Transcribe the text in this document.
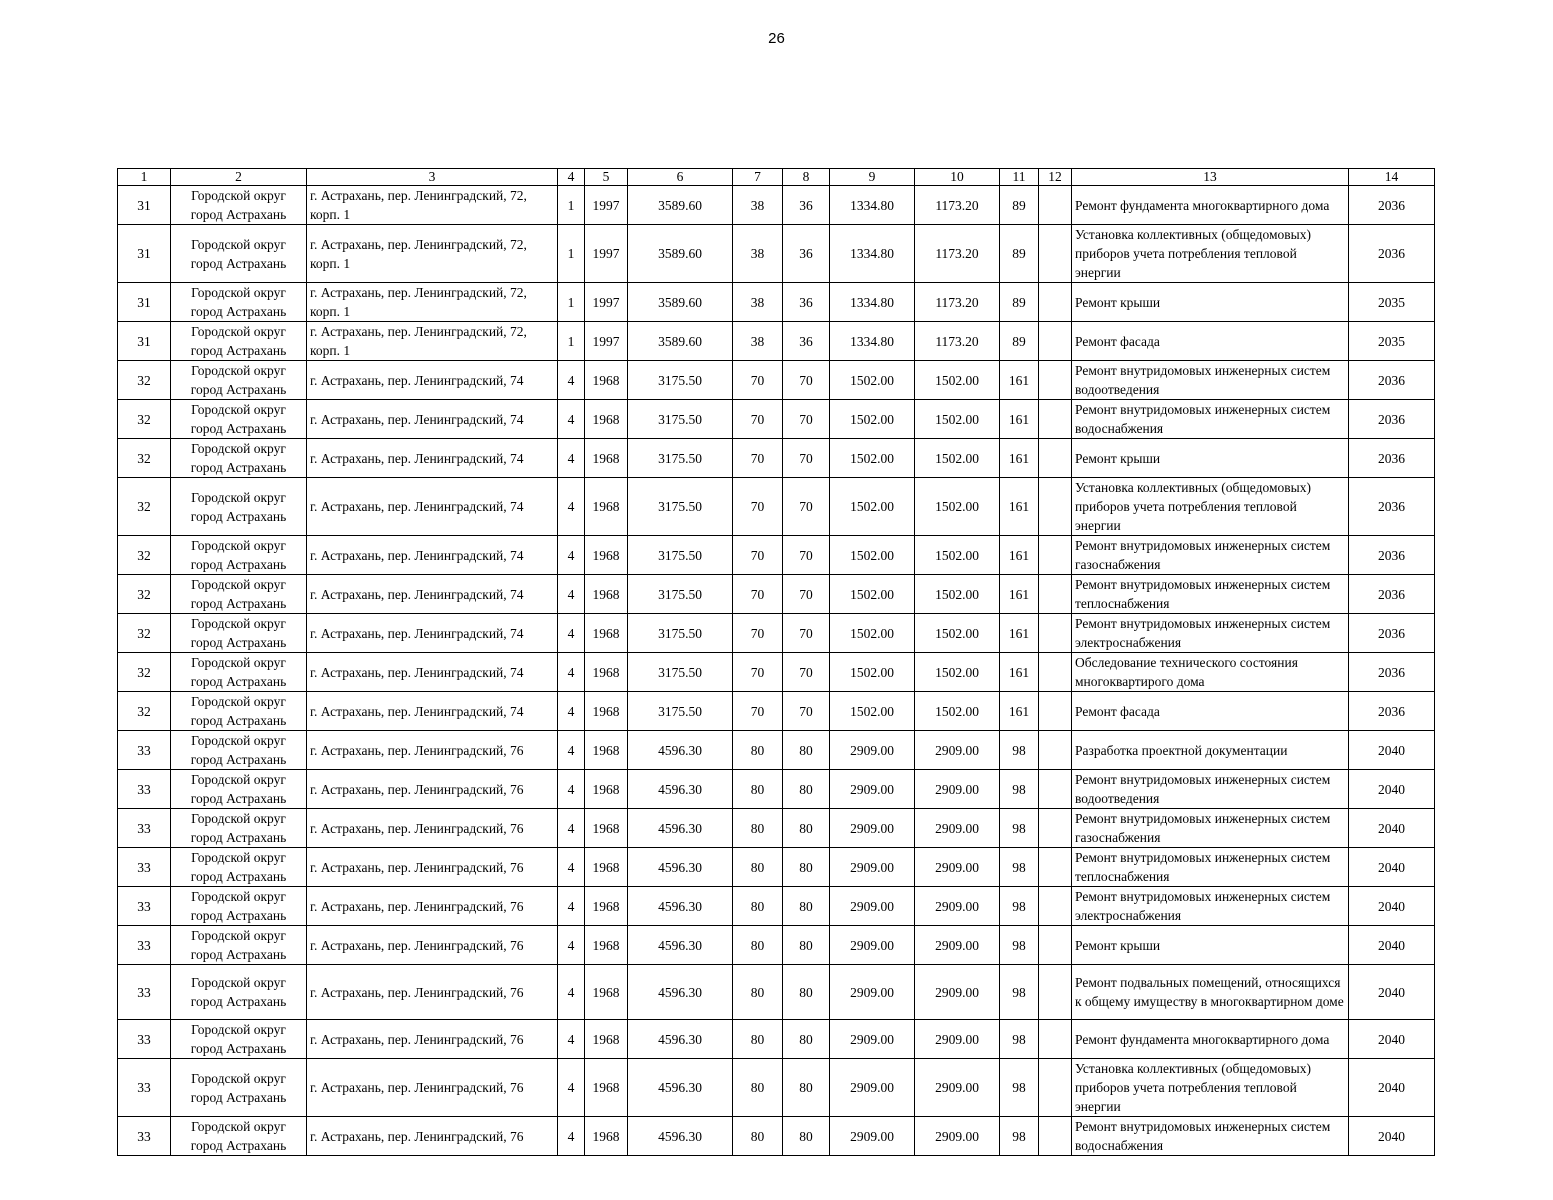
26
1	2	3	4	5	6	7	8	9	10	11	12	13	14
31	Городской округ город Астрахань	г. Астрахань, пер. Ленинградский, 72, корп. 1	1	1997	3589.60	38	36	1334.80	1173.20	89		Ремонт фундамента многоквартирного дома	2036
31	Городской округ город Астрахань	г. Астрахань, пер. Ленинградский, 72, корп. 1	1	1997	3589.60	38	36	1334.80	1173.20	89		Установка коллективных (общедомовых) приборов учета потребления тепловой энергии	2036
31	Городской округ город Астрахань	г. Астрахань, пер. Ленинградский, 72, корп. 1	1	1997	3589.60	38	36	1334.80	1173.20	89		Ремонт крыши	2035
31	Городской округ город Астрахань	г. Астрахань, пер. Ленинградский, 72, корп. 1	1	1997	3589.60	38	36	1334.80	1173.20	89		Ремонт фасада	2035
32	Городской округ город Астрахань	г. Астрахань, пер. Ленинградский, 74	4	1968	3175.50	70	70	1502.00	1502.00	161		Ремонт внутридомовых инженерных систем водоотведения	2036
32	Городской округ город Астрахань	г. Астрахань, пер. Ленинградский, 74	4	1968	3175.50	70	70	1502.00	1502.00	161		Ремонт внутридомовых инженерных систем водоснабжения	2036
32	Городской округ город Астрахань	г. Астрахань, пер. Ленинградский, 74	4	1968	3175.50	70	70	1502.00	1502.00	161		Ремонт крыши	2036
32	Городской округ город Астрахань	г. Астрахань, пер. Ленинградский, 74	4	1968	3175.50	70	70	1502.00	1502.00	161		Установка коллективных (общедомовых) приборов учета потребления тепловой энергии	2036
32	Городской округ город Астрахань	г. Астрахань, пер. Ленинградский, 74	4	1968	3175.50	70	70	1502.00	1502.00	161		Ремонт внутридомовых инженерных систем газоснабжения	2036
32	Городской округ город Астрахань	г. Астрахань, пер. Ленинградский, 74	4	1968	3175.50	70	70	1502.00	1502.00	161		Ремонт внутридомовых инженерных систем теплоснабжения	2036
32	Городской округ город Астрахань	г. Астрахань, пер. Ленинградский, 74	4	1968	3175.50	70	70	1502.00	1502.00	161		Ремонт внутридомовых инженерных систем электроснабжения	2036
32	Городской округ город Астрахань	г. Астрахань, пер. Ленинградский, 74	4	1968	3175.50	70	70	1502.00	1502.00	161		Обследование технического состояния многоквартирого дома	2036
32	Городской округ город Астрахань	г. Астрахань, пер. Ленинградский, 74	4	1968	3175.50	70	70	1502.00	1502.00	161		Ремонт фасада	2036
33	Городской округ город Астрахань	г. Астрахань, пер. Ленинградский, 76	4	1968	4596.30	80	80	2909.00	2909.00	98		Разработка проектной документации	2040
33	Городской округ город Астрахань	г. Астрахань, пер. Ленинградский, 76	4	1968	4596.30	80	80	2909.00	2909.00	98		Ремонт внутридомовых инженерных систем водоотведения	2040
33	Городской округ город Астрахань	г. Астрахань, пер. Ленинградский, 76	4	1968	4596.30	80	80	2909.00	2909.00	98		Ремонт внутридомовых инженерных систем газоснабжения	2040
33	Городской округ город Астрахань	г. Астрахань, пер. Ленинградский, 76	4	1968	4596.30	80	80	2909.00	2909.00	98		Ремонт внутридомовых инженерных систем теплоснабжения	2040
33	Городской округ город Астрахань	г. Астрахань, пер. Ленинградский, 76	4	1968	4596.30	80	80	2909.00	2909.00	98		Ремонт внутридомовых инженерных систем электроснабжения	2040
33	Городской округ город Астрахань	г. Астрахань, пер. Ленинградский, 76	4	1968	4596.30	80	80	2909.00	2909.00	98		Ремонт крыши	2040
33	Городской округ город Астрахань	г. Астрахань, пер. Ленинградский, 76	4	1968	4596.30	80	80	2909.00	2909.00	98		Ремонт подвальных помещений, относящихся к общему имуществу в многоквартирном доме	2040
33	Городской округ город Астрахань	г. Астрахань, пер. Ленинградский, 76	4	1968	4596.30	80	80	2909.00	2909.00	98		Ремонт фундамента многоквартирного дома	2040
33	Городской округ город Астрахань	г. Астрахань, пер. Ленинградский, 76	4	1968	4596.30	80	80	2909.00	2909.00	98		Установка коллективных (общедомовых) приборов учета потребления тепловой энергии	2040
33	Городской округ город Астрахань	г. Астрахань, пер. Ленинградский, 76	4	1968	4596.30	80	80	2909.00	2909.00	98		Ремонт внутридомовых инженерных систем водоснабжения	2040
